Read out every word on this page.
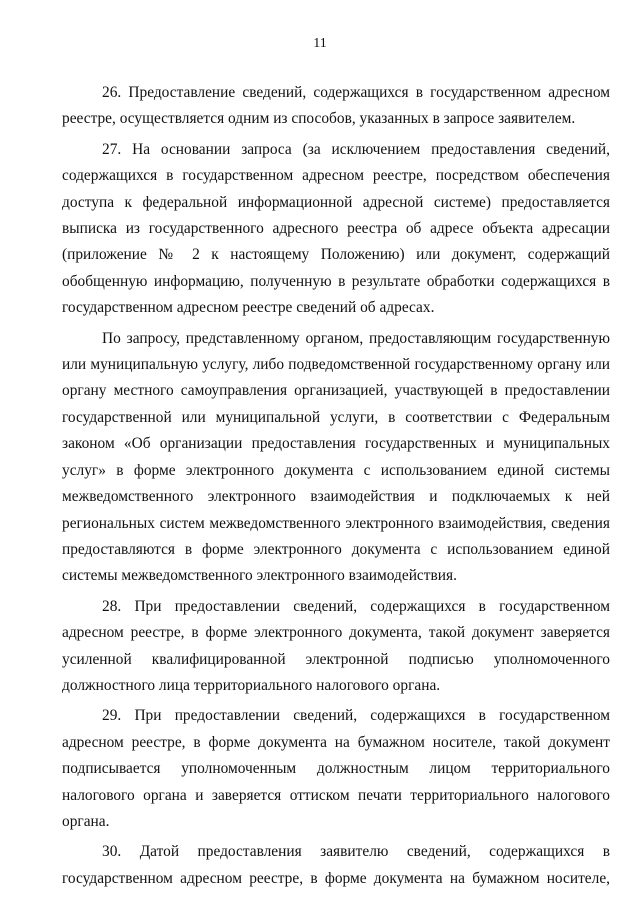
11

26. Предоставление сведений, содержащихся в государственном адресном реестре, осуществляется одним из способов, указанных в запросе заявителем.

27. На основании запроса (за исключением предоставления сведений, содержащихся в государственном адресном реестре, посредством обеспечения доступа к федеральной информационной адресной системе) предоставляется выписка из государственного адресного реестра об адресе объекта адресации (приложение № 2 к настоящему Положению) или документ, содержащий обобщенную информацию, полученную в результате обработки содержащихся в государственном адресном реестре сведений об адресах.

По запросу, представленному органом, предоставляющим государственную или муниципальную услугу, либо подведомственной государственному органу или органу местного самоуправления организацией, участвующей в предоставлении государственной или муниципальной услуги, в соответствии с Федеральным законом «Об организации предоставления государственных и муниципальных услуг» в форме электронного документа с использованием единой системы межведомственного электронного взаимодействия и подключаемых к ней региональных систем межведомственного электронного взаимодействия, сведения предоставляются в форме электронного документа с использованием единой системы межведомственного электронного взаимодействия.

28. При предоставлении сведений, содержащихся в государственном адресном реестре, в форме электронного документа, такой документ заверяется усиленной квалифицированной электронной подписью уполномоченного должностного лица территориального налогового органа.

29. При предоставлении сведений, содержащихся в государственном адресном реестре, в форме документа на бумажном носителе, такой документ подписывается уполномоченным должностным лицом территориального налогового органа и заверяется оттиском печати территориального налогового органа.

30. Датой предоставления заявителю сведений, содержащихся в государственном адресном реестре, в форме документа на бумажном носителе,
